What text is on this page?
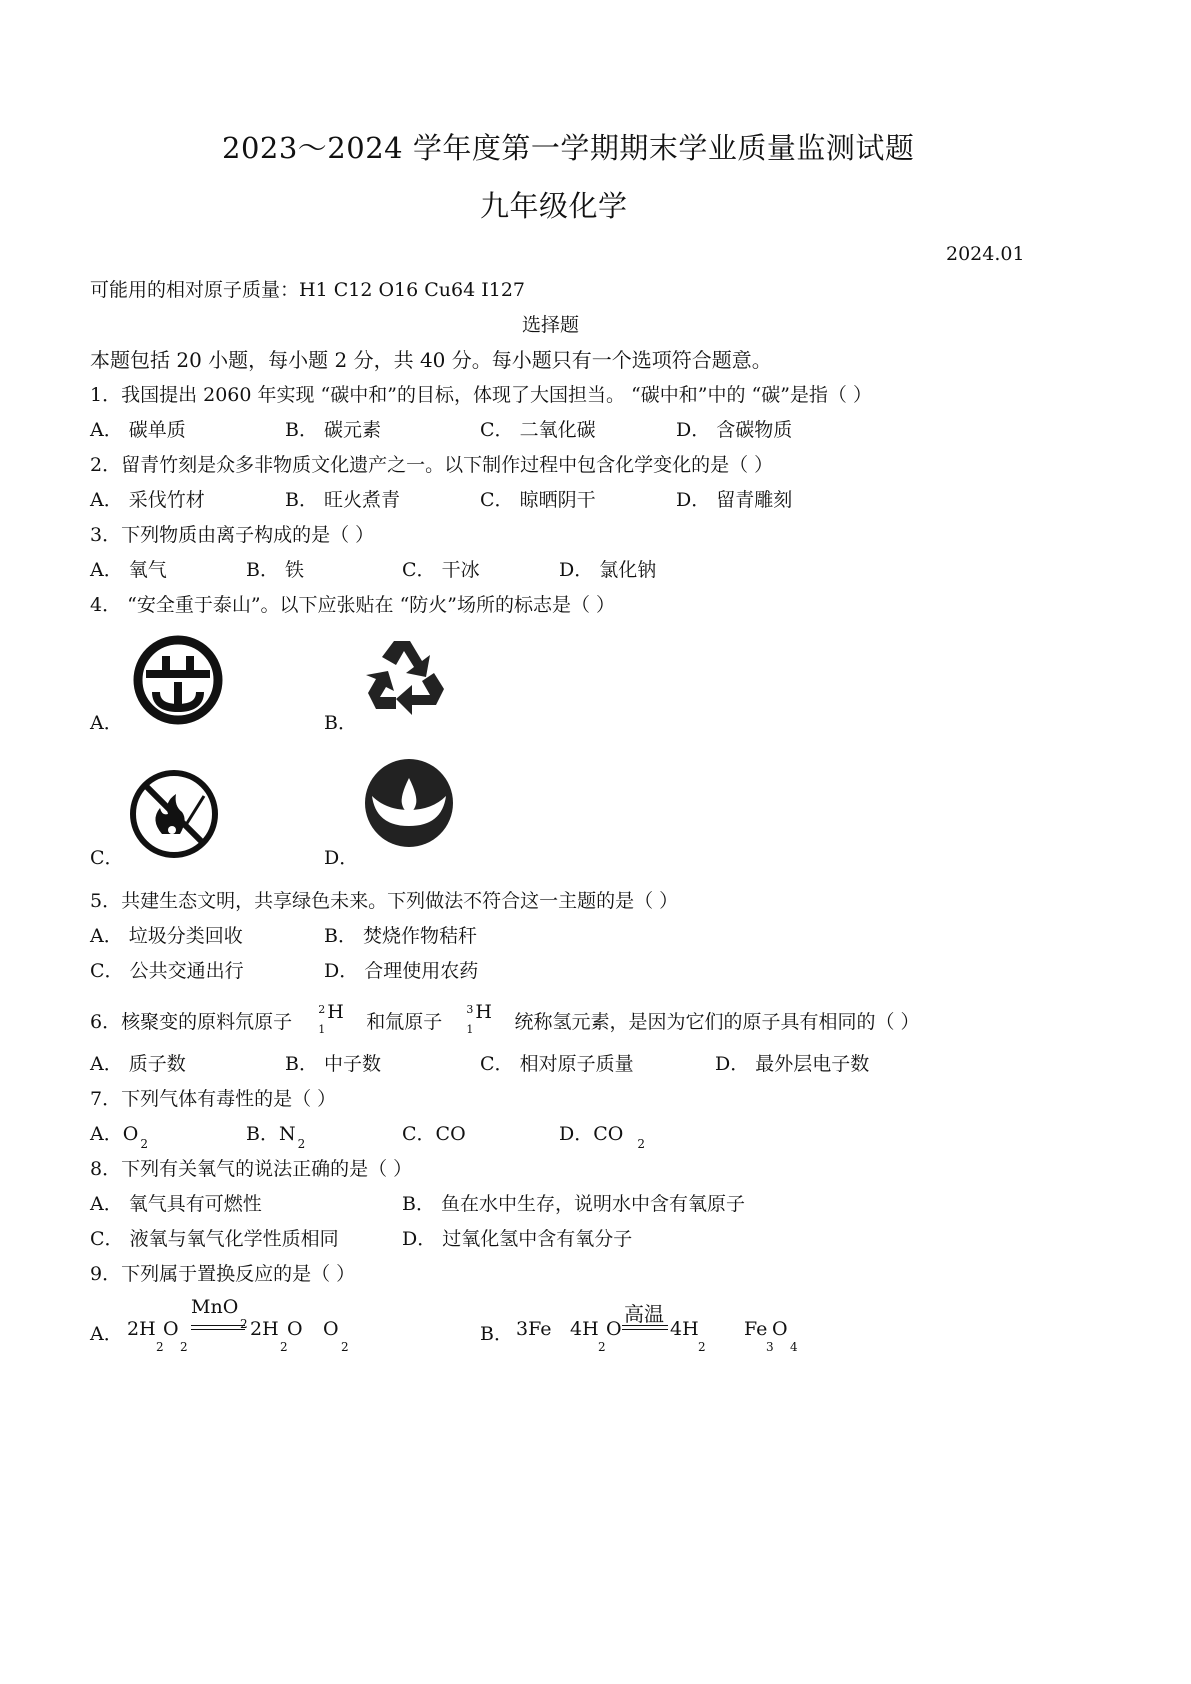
2023～2024 学年度第一学期期末学业质量监测试题
九年级化学
2024.01
可能用的相对原子质量：H1 C12 O16 Cu64 I127
选择题
本题包括 20 小题，每小题 2 分，共 40 分。每小题只有一个选项符合题意。
1．我国提出 2060 年实现 “碳中和”的目标，体现了大国担当。 “碳中和”中的 “碳”是指（ ）
A． 碳单质	B． 碳元素	C． 二氧化碳	D． 含碳物质
2．留青竹刻是众多非物质文化遗产之一。以下制作过程中包含化学变化的是（ ）
A． 采伐竹材	B． 旺火煮青	C． 晾晒阴干	D． 留青雕刻
3．下列物质由离子构成的是（ ）
A． 氧气	B． 铁	C． 干冰	D． 氯化钠
4． “安全重于泰山”。以下应张贴在 “防火”场所的标志是（ ）
A．	B．
C．	D．
5．共建生态文明，共享绿色未来。下列做法不符合这一主题的是（ ）
A． 垃圾分类回收	B． 焚烧作物秸秆
C． 公共交通出行	D． 合理使用农药
6．核聚变的原料氘原子
2
1
H 和氚原子
3
1
H 统称氢元素，是因为它们的原子具有相同的（ ）
A． 质子数	B． 中子数	C． 相对原子质量	D． 最外层电子数
7．下列气体有毒性的是（ ）
A．O $_2$	B．N $_2$	C．CO	D．CO $_2$
8．下列有关氧气的说法正确的是（ ）
A． 氧气具有可燃性	B． 鱼在水中生存，说明水中含有氧原子
C． 液氧与氧气化学性质相同	D． 过氧化氢中含有氧分子
9．下列属于置换反应的是（ ）
A． 2H
2
O
2
MnO
2 2H
2
O O
2
B． 3Fe 4H
2
O
高温
4H
2
Fe
3
O
4
